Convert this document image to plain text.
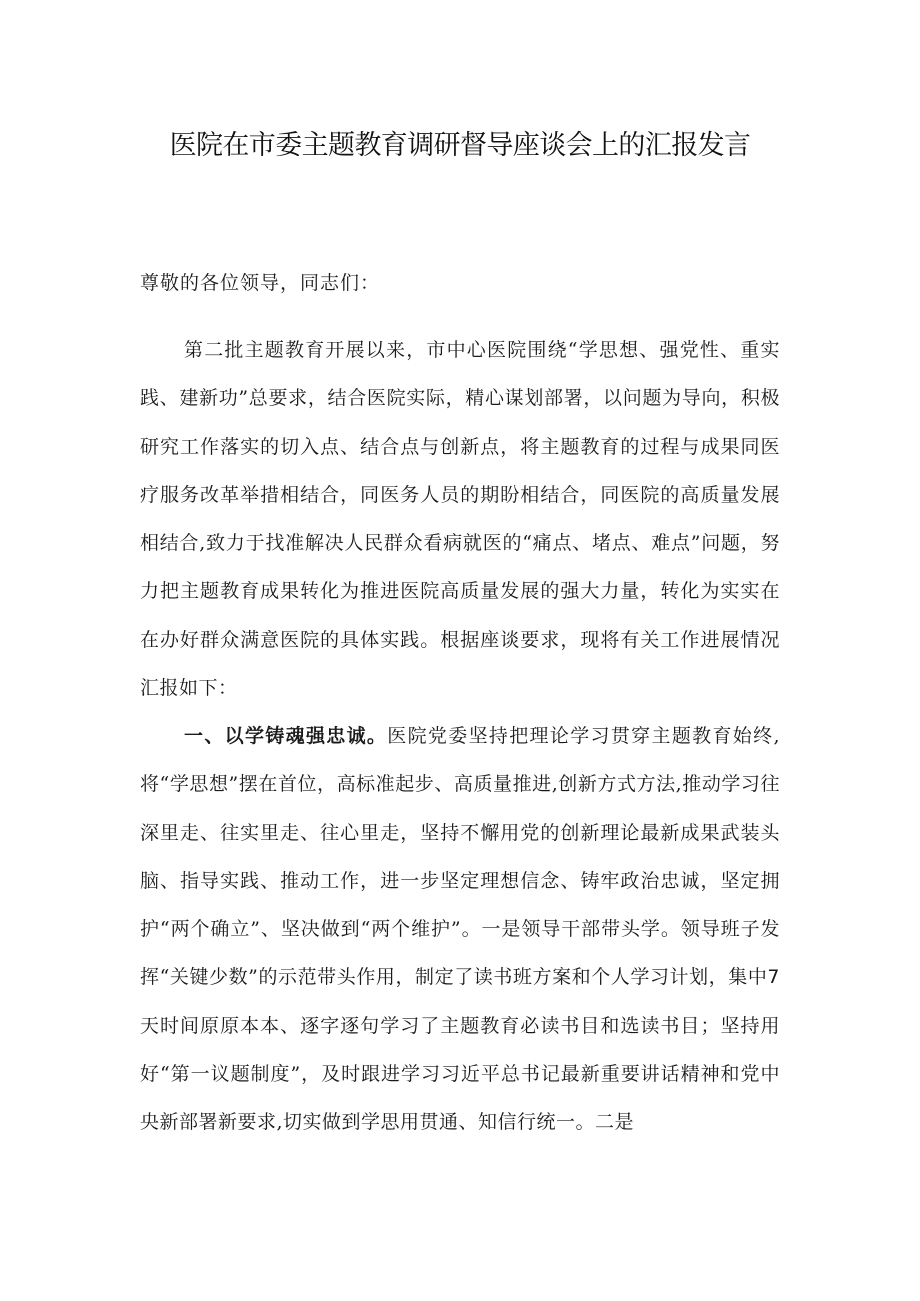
医院在市委主题教育调研督导座谈会上的汇报发言

尊敬的各位领导，同志们：

第二批主题教育开展以来，市中心医院围绕“学思想、强党性、重实践、建新功”总要求，结合医院实际，精心谋划部署，以问题为导向，积极研究工作落实的切入点、结合点与创新点，将主题教育的过程与成果同医疗服务改革举措相结合，同医务人员的期盼相结合，同医院的高质量发展相结合,致力于找准解决人民群众看病就医的“痛点、堵点、难点”问题，努力把主题教育成果转化为推进医院高质量发展的强大力量，转化为实实在在办好群众满意医院的具体实践。根据座谈要求，现将有关工作进展情况汇报如下：

一、以学铸魂强忠诚。医院党委坚持把理论学习贯穿主题教育始终,将“学思想”摆在首位，高标准起步、高质量推进,创新方式方法,推动学习往深里走、往实里走、往心里走，坚持不懈用党的创新理论最新成果武装头脑、指导实践、推动工作，进一步坚定理想信念、铸牢政治忠诚，坚定拥护“两个确立”、坚决做到“两个维护”。一是领导干部带头学。领导班子发挥“关键少数”的示范带头作用，制定了读书班方案和个人学习计划，集中7天时间原原本本、逐字逐句学习了主题教育必读书目和选读书目；坚持用好“第一议题制度”，及时跟进学习习近平总书记最新重要讲话精神和党中央新部署新要求,切实做到学思用贯通、知信行统一。二是
